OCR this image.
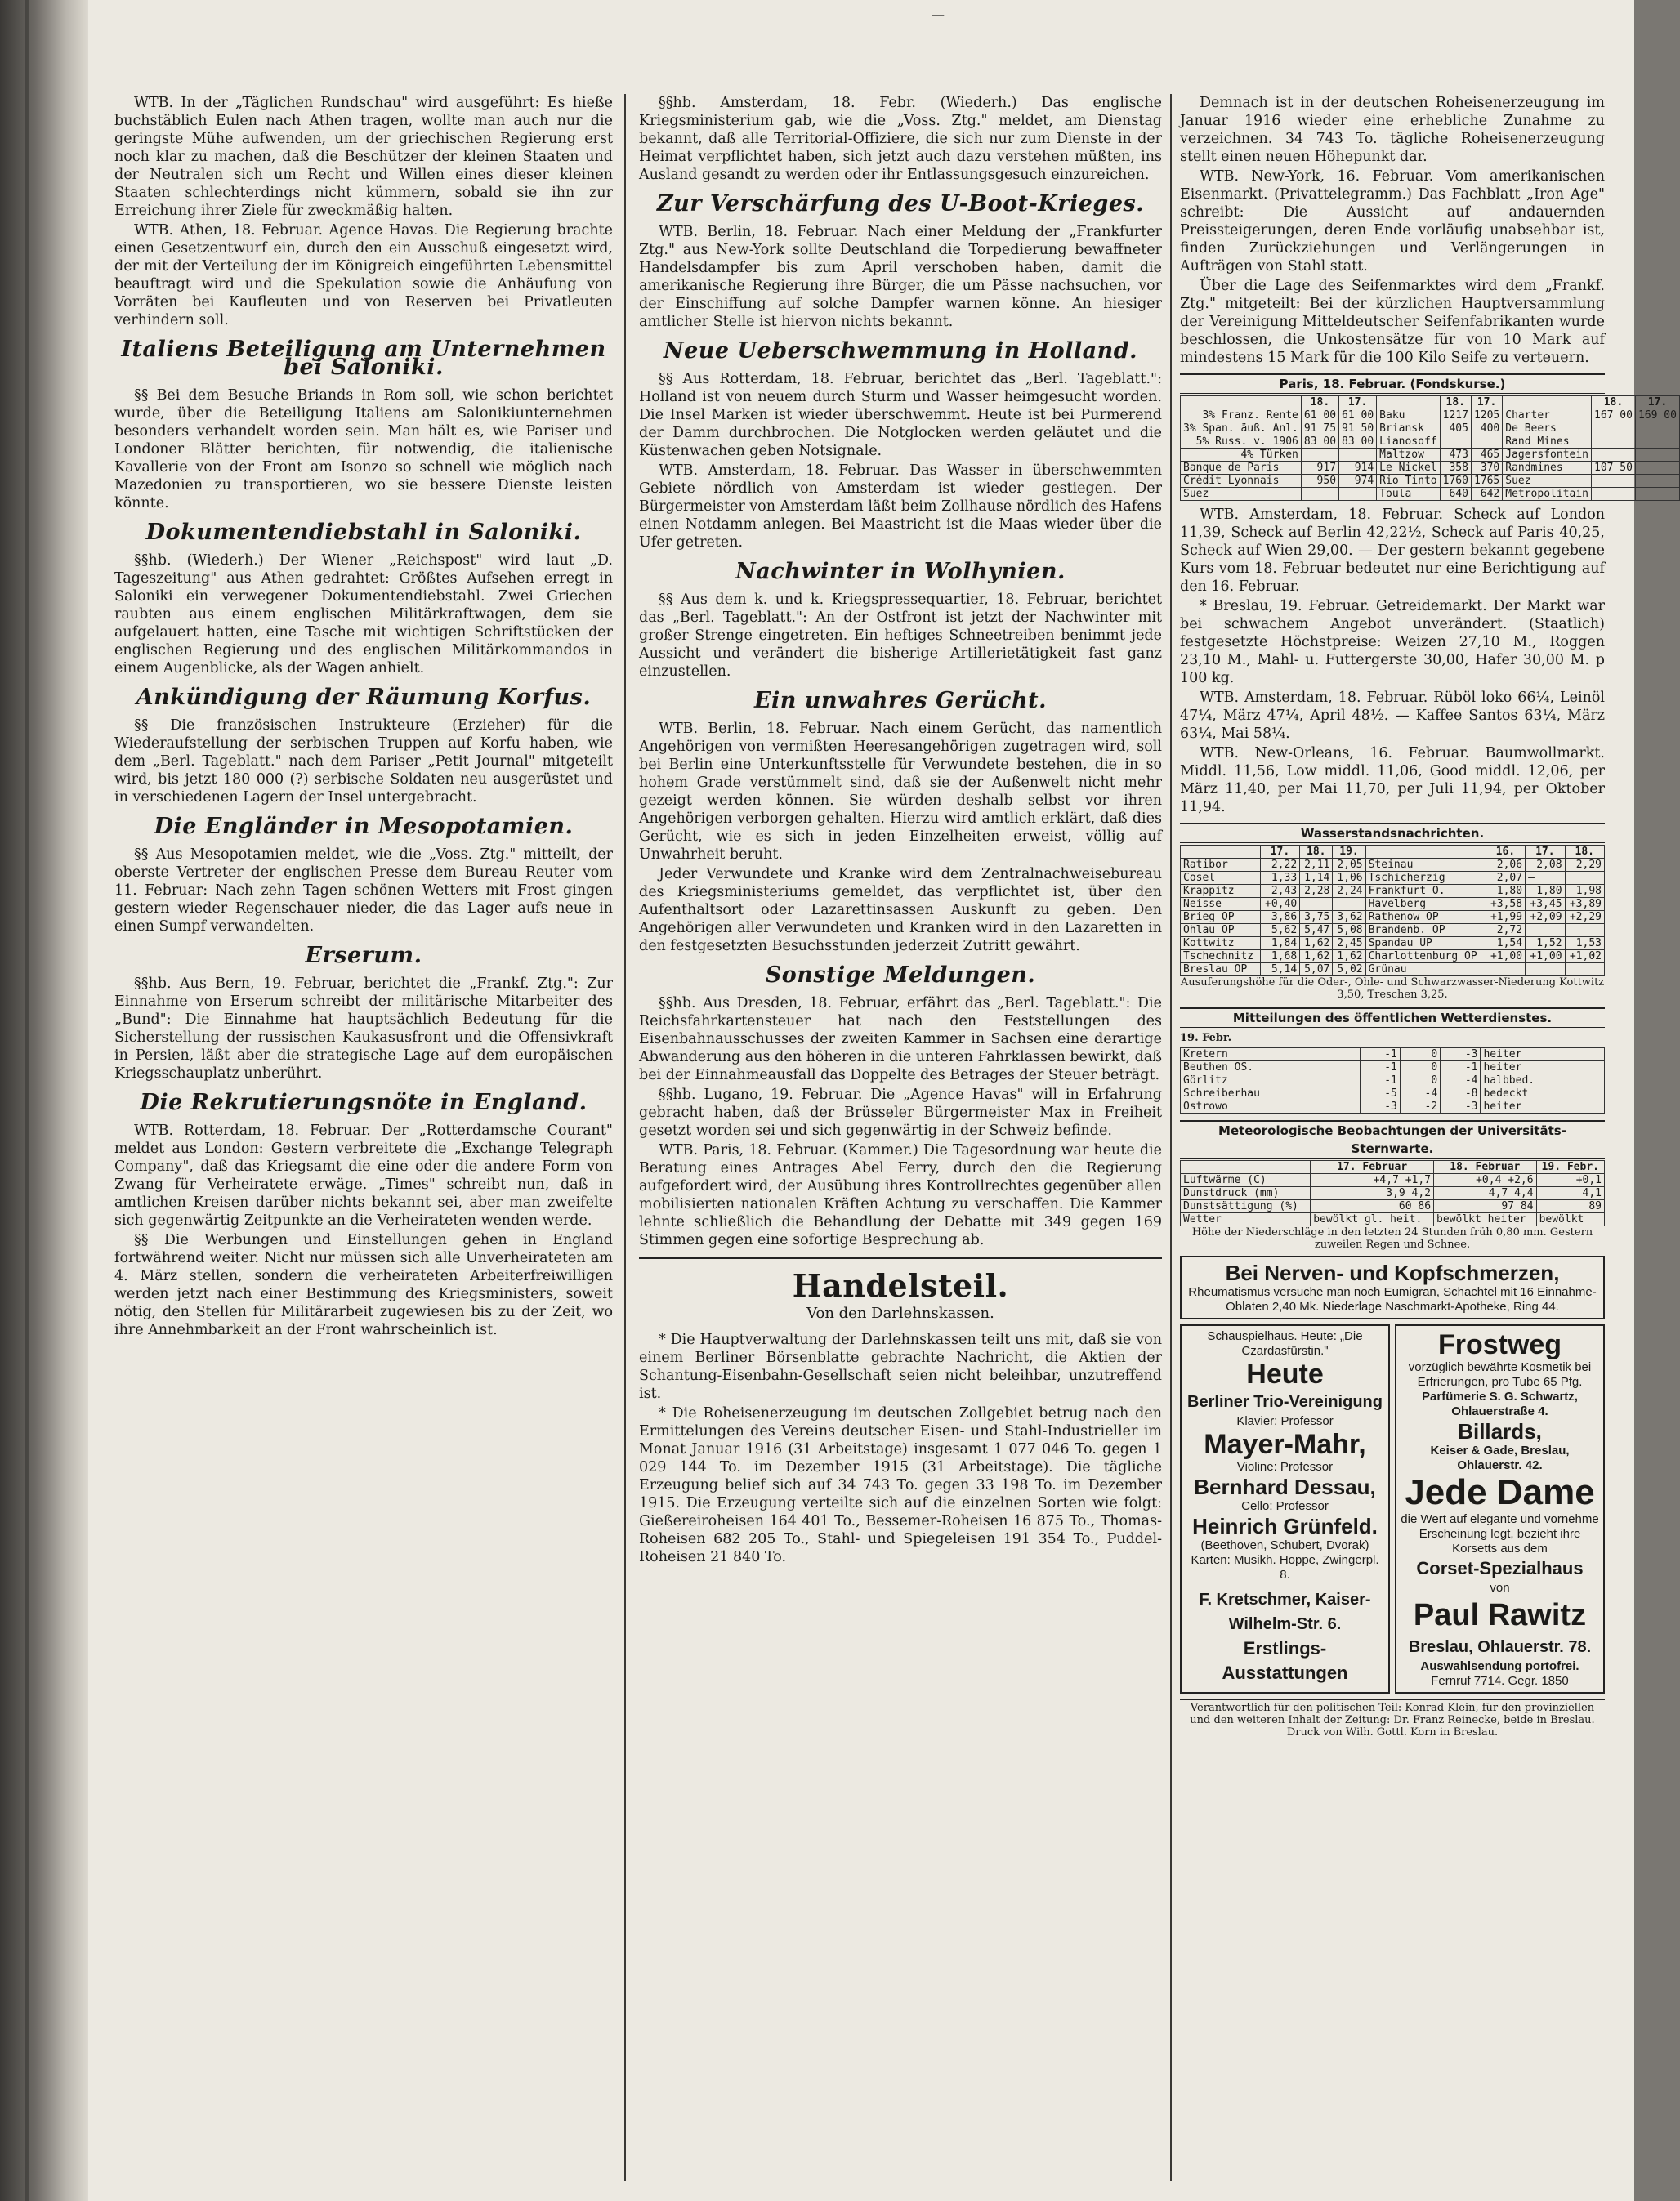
—

WTB. In der „Täglichen Rundschau" wird ausgeführt: Es hieße buchstäblich Eulen nach Athen tragen, wollte man auch nur die geringste Mühe aufwenden, um der griechischen Regierung erst noch klar zu machen, daß die Beschützer der kleinen Staaten und der Neutralen sich um Recht und Willen eines dieser kleinen Staaten schlechterdings nicht kümmern, sobald sie ihn zur Erreichung ihrer Ziele für zweckmäßig halten.

WTB. Athen, 18. Februar. Agence Havas. Die Regierung brachte einen Gesetzentwurf ein, durch den ein Ausschuß eingesetzt wird, der mit der Verteilung der im Königreich eingeführten Lebensmittel beauftragt wird und die Spekulation sowie die Anhäufung von Vorräten bei Kaufleuten und von Reserven bei Privatleuten verhindern soll.

Italiens Beteiligung am Unternehmen bei Saloniki.

§§ Bei dem Besuche Briands in Rom soll, wie schon berichtet wurde, über die Beteiligung Italiens am Salonikiunternehmen besonders verhandelt worden sein. Man hält es, wie Pariser und Londoner Blätter berichten, für notwendig, die italienische Kavallerie von der Front am Isonzo so schnell wie möglich nach Mazedonien zu transportieren, wo sie bessere Dienste leisten könnte.

Dokumentendiebstahl in Saloniki.

§§hb. (Wiederh.) Der Wiener „Reichspost" wird laut „D. Tageszeitung" aus Athen gedrahtet: Größtes Aufsehen erregt in Saloniki ein verwegener Dokumentendiebstahl. Zwei Griechen raubten aus einem englischen Militärkraftwagen, dem sie aufgelauert hatten, eine Tasche mit wichtigen Schriftstücken der englischen Regierung und des englischen Militärkommandos in einem Augenblicke, als der Wagen anhielt.

Ankündigung der Räumung Korfus.

§§ Die französischen Instrukteure (Erzieher) für die Wiederaufstellung der serbischen Truppen auf Korfu haben, wie dem „Berl. Tageblatt." nach dem Pariser „Petit Journal" mitgeteilt wird, bis jetzt 180 000 (?) serbische Soldaten neu ausgerüstet und in verschiedenen Lagern der Insel untergebracht.

Die Engländer in Mesopotamien.

§§ Aus Mesopotamien meldet, wie die „Voss. Ztg." mitteilt, der oberste Vertreter der englischen Presse dem Bureau Reuter vom 11. Februar: Nach zehn Tagen schönen Wetters mit Frost gingen gestern wieder Regenschauer nieder, die das Lager aufs neue in einen Sumpf verwandelten.

Erserum.

§§hb. Aus Bern, 19. Februar, berichtet die „Frankf. Ztg.": Zur Einnahme von Erserum schreibt der militärische Mitarbeiter des „Bund": Die Einnahme hat hauptsächlich Bedeutung für die Sicherstellung der russischen Kaukasusfront und die Offensivkraft in Persien, läßt aber die strategische Lage auf dem europäischen Kriegsschauplatz unberührt.

Die Rekrutierungsnöte in England.

WTB. Rotterdam, 18. Februar. Der „Rotterdamsche Courant" meldet aus London: Gestern verbreitete die „Exchange Telegraph Company", daß das Kriegsamt die eine oder die andere Form von Zwang für Verheiratete erwäge. „Times" schreibt nun, daß in amtlichen Kreisen darüber nichts bekannt sei, aber man zweifelte sich gegenwärtig Zeitpunkte an die Verheirateten wenden werde.

§§ Die Werbungen und Einstellungen gehen in England fortwährend weiter. Nicht nur müssen sich alle Unverheirateten am 4. März stellen, sondern die verheirateten Arbeiterfreiwilligen werden jetzt nach einer Bestimmung des Kriegsministers, soweit nötig, den Stellen für Militärarbeit zugewiesen bis zu der Zeit, wo ihre Annehmbarkeit an der Front wahrscheinlich ist.

§§hb. Amsterdam, 18. Febr. (Wiederh.) Das englische Kriegsministerium gab, wie die „Voss. Ztg." meldet, am Dienstag bekannt, daß alle Territorial-Offiziere, die sich nur zum Dienste in der Heimat verpflichtet haben, sich jetzt auch dazu verstehen müßten, ins Ausland gesandt zu werden oder ihr Entlassungsgesuch einzureichen.

Zur Verschärfung des U-Boot-Krieges.

WTB. Berlin, 18. Februar. Nach einer Meldung der „Frankfurter Ztg." aus New-York sollte Deutschland die Torpedierung bewaffneter Handelsdampfer bis zum April verschoben haben, damit die amerikanische Regierung ihre Bürger, die um Pässe nachsuchen, vor der Einschiffung auf solche Dampfer warnen könne. An hiesiger amtlicher Stelle ist hiervon nichts bekannt.

Neue Ueberschwemmung in Holland.

§§ Aus Rotterdam, 18. Februar, berichtet das „Berl. Tageblatt.": Holland ist von neuem durch Sturm und Wasser heimgesucht worden. Die Insel Marken ist wieder überschwemmt. Heute ist bei Purmerend der Damm durchbrochen. Die Notglocken werden geläutet und die Küstenwachen geben Notsignale.

WTB. Amsterdam, 18. Februar. Das Wasser in überschwemmten Gebiete nördlich von Amsterdam ist wieder gestiegen. Der Bürgermeister von Amsterdam läßt beim Zollhause nördlich des Hafens einen Notdamm anlegen. Bei Maastricht ist die Maas wieder über die Ufer getreten.

Nachwinter in Wolhynien.

§§ Aus dem k. und k. Kriegspressequartier, 18. Februar, berichtet das „Berl. Tageblatt.": An der Ostfront ist jetzt der Nachwinter mit großer Strenge eingetreten. Ein heftiges Schneetreiben benimmt jede Aussicht und verändert die bisherige Artillerietätigkeit fast ganz einzustellen.

Ein unwahres Gerücht.

WTB. Berlin, 18. Februar. Nach einem Gerücht, das namentlich Angehörigen von vermißten Heeresangehörigen zugetragen wird, soll bei Berlin eine Unterkunftsstelle für Verwundete bestehen, die in so hohem Grade verstümmelt sind, daß sie der Außenwelt nicht mehr gezeigt werden können. Sie würden deshalb selbst vor ihren Angehörigen verborgen gehalten. Hierzu wird amtlich erklärt, daß dies Gerücht, wie es sich in jeden Einzelheiten erweist, völlig auf Unwahrheit beruht.

Jeder Verwundete und Kranke wird dem Zentralnachweisebureau des Kriegsministeriums gemeldet, das verpflichtet ist, über den Aufenthaltsort oder Lazarettinsassen Auskunft zu geben. Den Angehörigen aller Verwundeten und Kranken wird in den Lazaretten in den festgesetzten Besuchsstunden jederzeit Zutritt gewährt.

Sonstige Meldungen.

§§hb. Aus Dresden, 18. Februar, erfährt das „Berl. Tageblatt.": Die Reichsfahrkartensteuer hat nach den Feststellungen des Eisenbahnausschusses der zweiten Kammer in Sachsen eine derartige Abwanderung aus den höheren in die unteren Fahrklassen bewirkt, daß bei der Einnahmeausfall das Doppelte des Betrages der Steuer beträgt.

§§hb. Lugano, 19. Februar. Die „Agence Havas" will in Erfahrung gebracht haben, daß der Brüsseler Bürgermeister Max in Freiheit gesetzt worden sei und sich gegenwärtig in der Schweiz befinde.

WTB. Paris, 18. Februar. (Kammer.) Die Tagesordnung war heute die Beratung eines Antrages Abel Ferry, durch den die Regierung aufgefordert wird, der Ausübung ihres Kontrollrechtes gegenüber allen mobilisierten nationalen Kräften Achtung zu verschaffen. Die Kammer lehnte schließlich die Behandlung der Debatte mit 349 gegen 169 Stimmen gegen eine sofortige Besprechung ab.

Handelsteil.
Von den Darlehnskassen.

* Die Hauptverwaltung der Darlehnskassen teilt uns mit, daß sie von einem Berliner Börsenblatte gebrachte Nachricht, die Aktien der Schantung-Eisenbahn-Gesellschaft seien nicht beleihbar, unzutreffend ist.

* Die Roheisenerzeugung im deutschen Zollgebiet betrug nach den Ermittelungen des Vereins deutscher Eisen- und Stahl-Industrieller im Monat Januar 1916 (31 Arbeitstage) insgesamt 1 077 046 To. gegen 1 029 144 To. im Dezember 1915 (31 Arbeitstage). Die tägliche Erzeugung belief sich auf 34 743 To. gegen 33 198 To. im Dezember 1915. Die Erzeugung verteilte sich auf die einzelnen Sorten wie folgt: Gießereiroheisen 164 401 To., Bessemer-Roheisen 16 875 To., Thomas-Roheisen 682 205 To., Stahl- und Spiegeleisen 191 354 To., Puddel-Roheisen 21 840 To.

Demnach ist in der deutschen Roheisenerzeugung im Januar 1916 wieder eine erhebliche Zunahme zu verzeichnen. 34 743 To. tägliche Roheisenerzeugung stellt einen neuen Höhepunkt dar.

WTB. New-York, 16. Februar. Vom amerikanischen Eisenmarkt. (Privattelegramm.) Das Fachblatt „Iron Age" schreibt: Die Aussicht auf andauernden Preissteigerungen, deren Ende vorläufig unabsehbar ist, finden Zurückziehungen und Verlängerungen in Aufträgen von Stahl statt.

Über die Lage des Seifenmarktes wird dem „Frankf. Ztg." mitgeteilt: Bei der kürzlichen Hauptversammlung der Vereinigung Mitteldeutscher Seifenfabrikanten wurde beschlossen, die Unkostensätze für von 10 Mark auf mindestens 15 Mark für die 100 Kilo Seife zu verteuern.

Paris, 18. Februar. (Fondskurse.)
	18.	17.		18.	17.		18.	17.
3% Franz. Rente	61 00	61 00	Baku	1217	1205	Charter	167 00	169 00
3% Span. äuß. Anl.	91 75	91 50	Briansk	405	400	De Beers		
5% Russ. v. 1906	83 00	83 00	Lianosoff			Rand Mines		
4% Türken			Maltzow	473	465	Jagersfontein		
Banque de Paris	917	914	Le Nickel	358	370	Randmines	107 50	
Crédit Lyonnais	950	974	Rio Tinto	1760	1765	Suez		
Suez			Toula	640	642	Metropolitain		

WTB. Amsterdam, 18. Februar. Scheck auf London 11,39, Scheck auf Berlin 42,22½, Scheck auf Paris 40,25, Scheck auf Wien 29,00. — Der gestern bekannt gegebene Kurs vom 18. Februar bedeutet nur eine Berichtigung auf den 16. Februar.

* Breslau, 19. Februar. Getreidemarkt. Der Markt war bei schwachem Angebot unverändert. (Staatlich) festgesetzte Höchstpreise: Weizen 27,10 M., Roggen 23,10 M., Mahl- u. Futtergerste 30,00, Hafer 30,00 M. p 100 kg.

WTB. Amsterdam, 18. Februar. Rüböl loko 66¼, Leinöl 47¼, März 47¼, April 48½. — Kaffee Santos 63¼, März 63¼, Mai 58¼.

WTB. New-Orleans, 16. Februar. Baumwollmarkt. Middl. 11,56, Low middl. 11,06, Good middl. 12,06, per März 11,40, per Mai 11,70, per Juli 11,94, per Oktober 11,94.

Wasserstandsnachrichten.
	17.	18.	19.		16.	17.	18.
Ratibor	2,22	2,11	2,05	Steinau	2,06	2,08	2,29
Cosel	1,33	1,14	1,06	Tschicherzig	2,07	—	
Krappitz	2,43	2,28	2,24	Frankfurt O.	1,80	1,80	1,98
Neisse	+0,40			Havelberg	+3,58	+3,45	+3,89
Brieg OP	3,86	3,75	3,62	Rathenow OP	+1,99	+2,09	+2,29
Ohlau OP	5,62	5,47	5,08	Brandenb. OP	2,72		
Kottwitz	1,84	1,62	2,45	Spandau UP	1,54	1,52	1,53
Tschechnitz	1,68	1,62	1,62	Charlottenburg OP	+1,00	+1,00	+1,02
Breslau OP	5,14	5,07	5,02	Grünau			
Ausuferungshöhe für die Oder-, Ohle- und Schwarzwasser-Niederung Kottwitz 3,50, Treschen 3,25.
Mitteilungen des öffentlichen Wetterdienstes.
19. Febr.
Kretern	-1	0	-3	heiter
Beuthen OS.	-1	0	-1	heiter
Görlitz	-1	0	-4	halbbed.
Schreiberhau	-5	-4	-8	bedeckt
Ostrowo	-3	-2	-3	heiter
Meteorologische Beobachtungen der Universitäts-Sternwarte.
	17. Februar	18. Februar	19. Febr.
Luftwärme (C)	+4,7 +1,7	+0,4 +2,6	+0,1
Dunstdruck (mm)	3,9 4,2	4,7 4,4	4,1
Dunstsättigung (%)	60 86	97 84	89
Wetter	bewölkt gl. heit.	bewölkt heiter	bewölkt
Höhe der Niederschläge in den letzten 24 Stunden früh 0,80 mm. Gestern zuweilen Regen und Schnee.
Bei Nerven- und Kopfschmerzen,
Rheumatismus versuche man noch Eumigran, Schachtel mit 16 Einnahme-Oblaten 2,40 Mk. Niederlage Naschmarkt-Apotheke, Ring 44.
Schauspielhaus. Heute: „Die Czardasfürstin."
Heute
Berliner Trio-Vereinigung
Klavier: Professor
Mayer-Mahr,
Violine: Professor
Bernhard Dessau,
Cello: Professor
Heinrich Grünfeld.
(Beethoven, Schubert, Dvorak) Karten: Musikh. Hoppe, Zwingerpl. 8.
F. Kretschmer, Kaiser-Wilhelm-Str. 6.
Erstlings-Ausstattungen
Frostweg
vorzüglich bewährte Kosmetik bei Erfrierungen, pro Tube 65 Pfg.
Parfümerie S. G. Schwartz, Ohlauerstraße 4.
Billards,
Keiser & Gade, Breslau, Ohlauerstr. 42.
Jede Dame
die Wert auf elegante und vornehme Erscheinung legt, bezieht ihre Korsetts aus dem
Corset-Spezialhaus
von
Paul Rawitz
Breslau, Ohlauerstr. 78.
Auswahlsendung portofrei.
Fernruf 7714. Gegr. 1850
Verantwortlich für den politischen Teil: Konrad Klein, für den provinziellen und den weiteren Inhalt der Zeitung: Dr. Franz Reinecke, beide in Breslau. Druck von Wilh. Gottl. Korn in Breslau.
